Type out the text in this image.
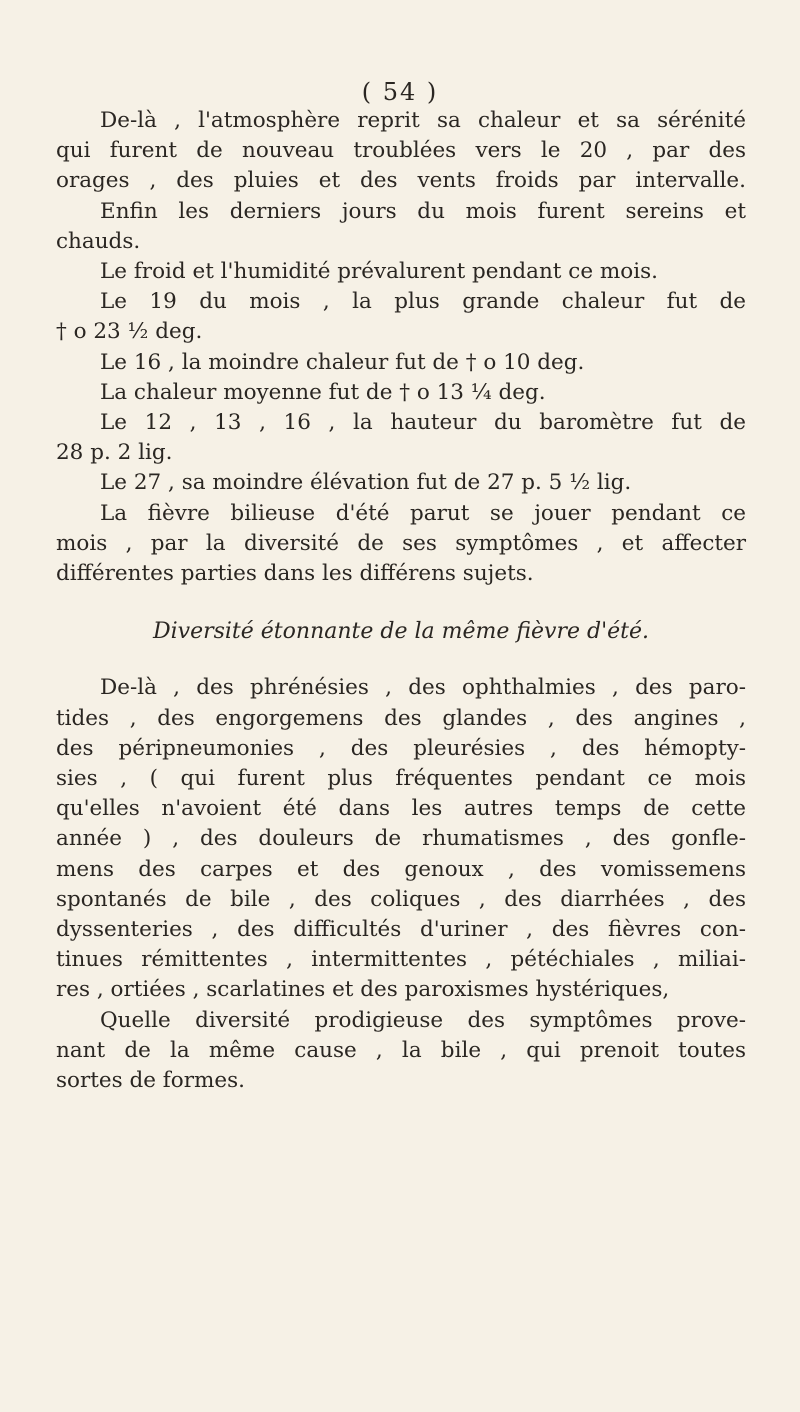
( 54 )
De-là , l'atmosphère reprit sa chaleur et sa sérénité
qui furent de nouveau troublées vers le 20 , par des
orages , des pluies et des vents froids par intervalle.
Enfin les derniers jours du mois furent sereins et
chauds.
Le froid et l'humidité prévalurent pendant ce mois.
Le 19 du mois , la plus grande chaleur fut de
† o 23 ½ deg.
Le 16 , la moindre chaleur fut de † o 10 deg.
La chaleur moyenne fut de † o 13 ¼ deg.
Le 12 , 13 , 16 , la hauteur du baromètre fut de
28 p. 2 lig.
Le 27 , sa moindre élévation fut de 27 p. 5 ½ lig.
La fièvre bilieuse d'été parut se jouer pendant ce
mois , par la diversité de ses symptômes , et affecter
différentes parties dans les différens sujets.
Diversité étonnante de la même fièvre d'été.
De-là , des phrénésies , des ophthalmies , des paro-
tides , des engorgemens des glandes , des angines ,
des péripneumonies , des pleurésies , des hémopty-
sies , ( qui furent plus fréquentes pendant ce mois
qu'elles n'avoient été dans les autres temps de cette
année ) , des douleurs de rhumatismes , des gonfle-
mens des carpes et des genoux , des vomissemens
spontanés de bile , des coliques , des diarrhées , des
dyssenteries , des difficultés d'uriner , des fièvres con-
tinues rémittentes , intermittentes , pétéchiales , miliai-
res , ortiées , scarlatines et des paroxismes hystériques,
Quelle diversité prodigieuse des symptômes prove-
nant de la même cause , la bile , qui prenoit toutes
sortes de formes.
